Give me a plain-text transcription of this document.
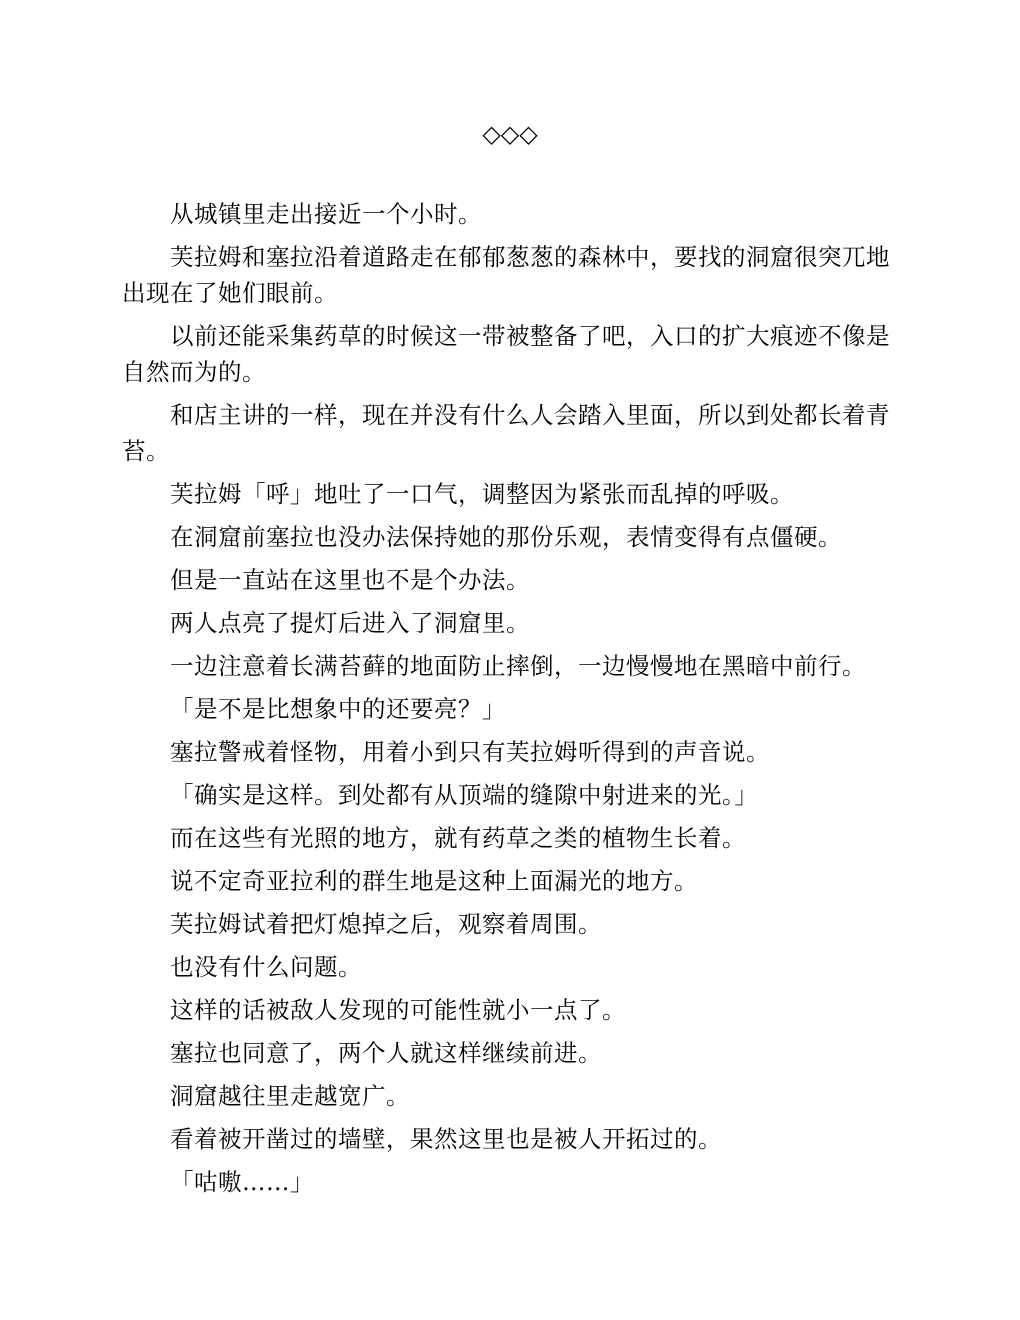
◇◇◇

从城镇里走出接近一个小时。

芙拉姆和塞拉沿着道路走在郁郁葱葱的森林中，要找的洞窟很突兀地出现在了她们眼前。

以前还能采集药草的时候这一带被整备了吧，入口的扩大痕迹不像是自然而为的。

和店主讲的一样，现在并没有什么人会踏入里面，所以到处都长着青苔。

芙拉姆「呼」地吐了一口气，调整因为紧张而乱掉的呼吸。

在洞窟前塞拉也没办法保持她的那份乐观，表情变得有点僵硬。

但是一直站在这里也不是个办法。

两人点亮了提灯后进入了洞窟里。

一边注意着长满苔藓的地面防止摔倒，一边慢慢地在黑暗中前行。

「是不是比想象中的还要亮？」

塞拉警戒着怪物，用着小到只有芙拉姆听得到的声音说。

「确实是这样。到处都有从顶端的缝隙中射进来的光。」

而在这些有光照的地方，就有药草之类的植物生长着。

说不定奇亚拉利的群生地是这种上面漏光的地方。

芙拉姆试着把灯熄掉之后，观察着周围。

也没有什么问题。

这样的话被敌人发现的可能性就小一点了。

塞拉也同意了，两个人就这样继续前进。

洞窟越往里走越宽广。

看着被开凿过的墙壁，果然这里也是被人开拓过的。

「咕嗷……」
